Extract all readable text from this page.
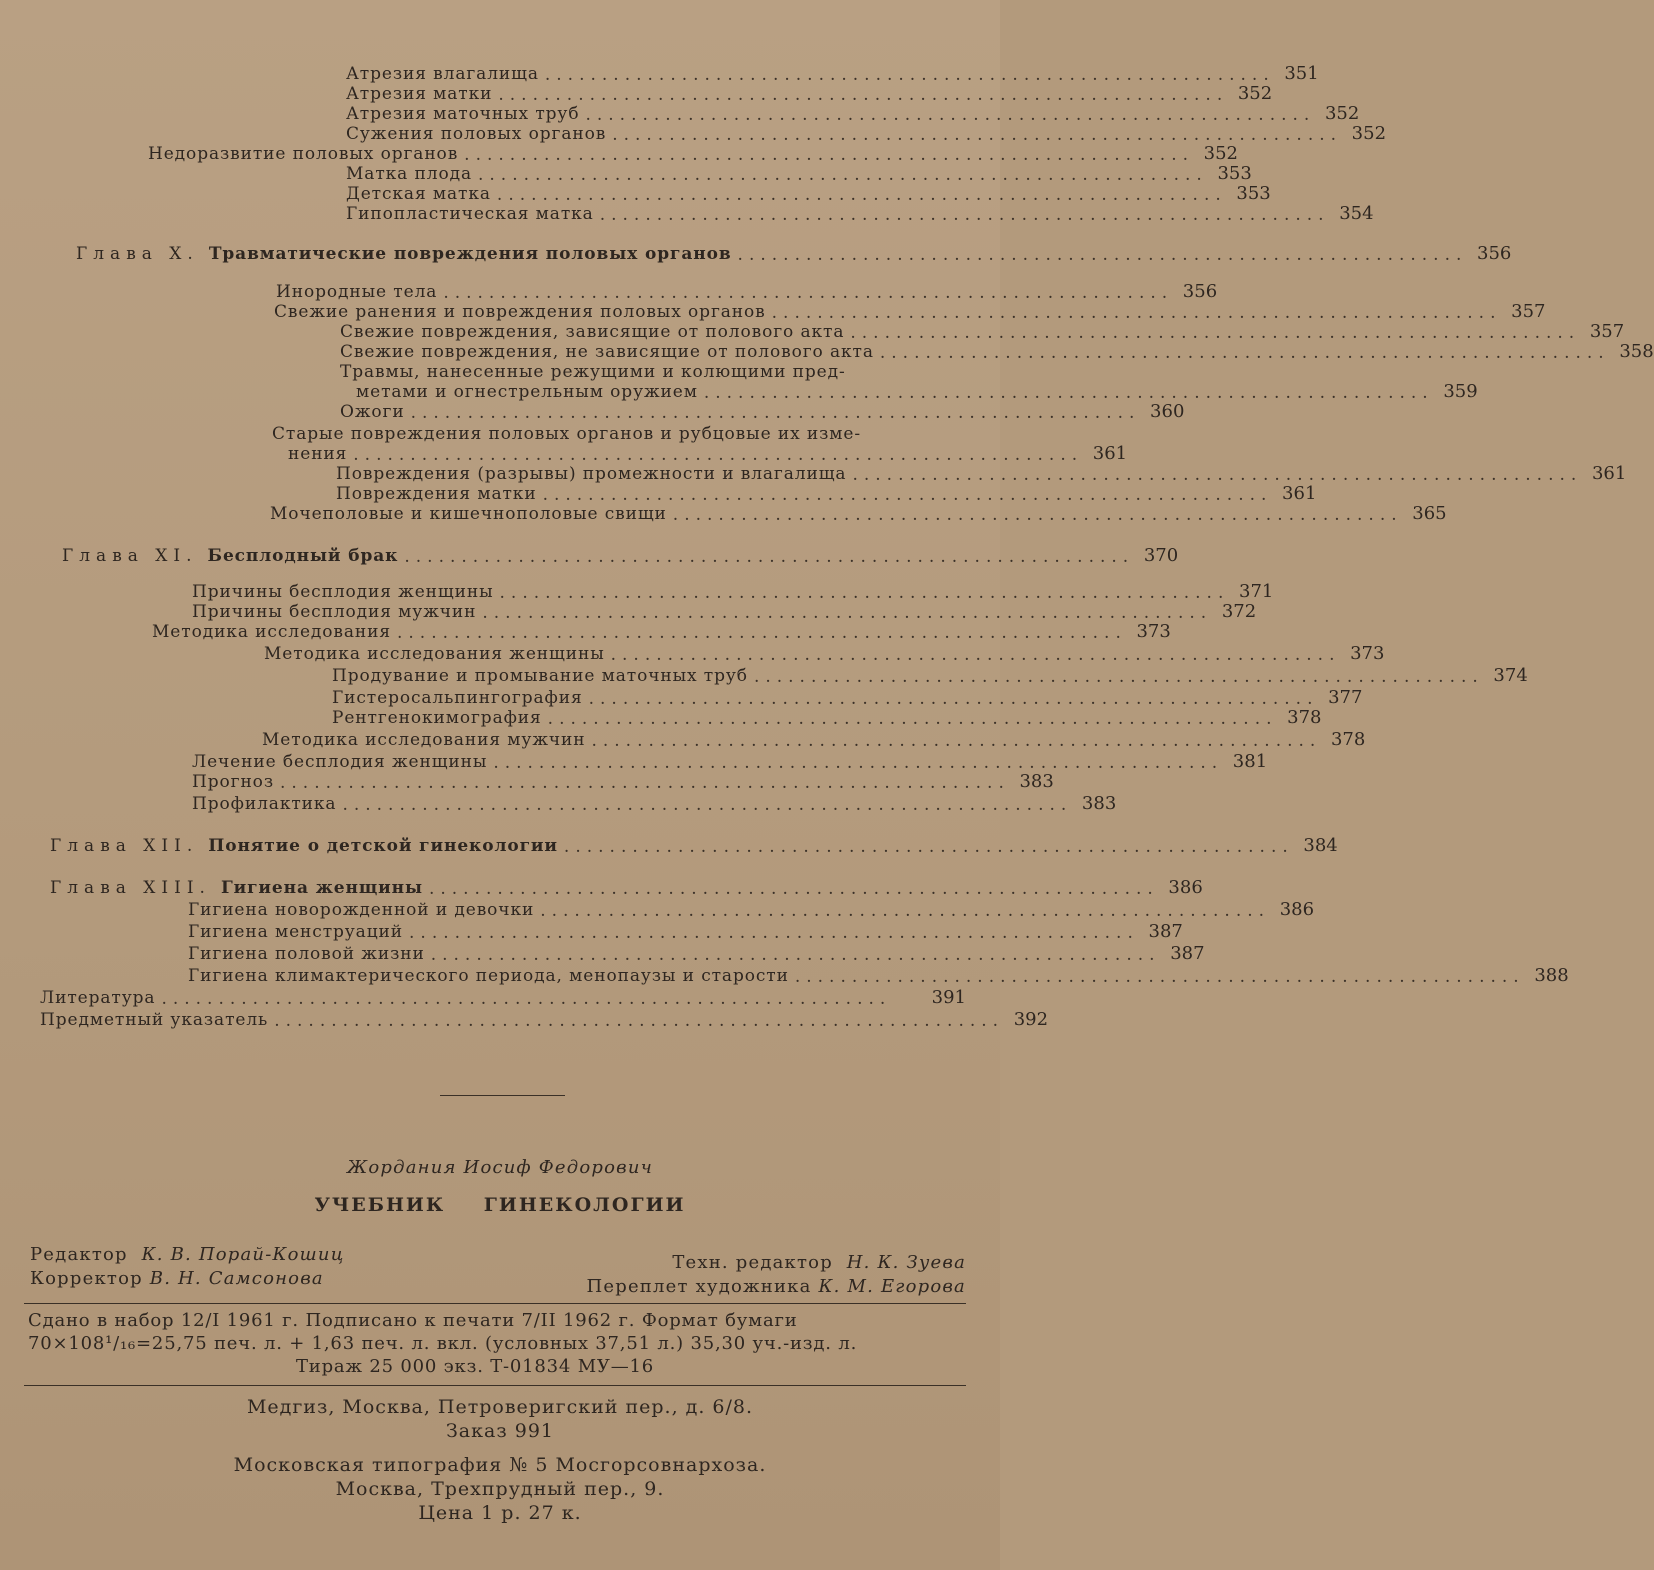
Атрезия влагалища ................................................................ 351
Атрезия матки ................................................................ 352
Атрезия маточных труб ................................................................ 352
Сужения половых органов ................................................................ 352
Недоразвитие половых органов ................................................................ 352
Матка плода ................................................................ 353
Детская матка ................................................................ 353
Гипопластическая матка ................................................................ 354
Глава X. Травматические повреждения половых органов ................................................................ 356
Инородные тела ................................................................ 356
Свежие ранения и повреждения половых органов ................................................................ 357
Свежие повреждения, зависящие от полового акта ................................................................ 357
Свежие повреждения, не зависящие от полового акта ................................................................ 358
Травмы, нанесенные режущими и колющими пред-
метами и огнестрельным оружием ................................................................ 359
Ожоги ................................................................ 360
Старые повреждения половых органов и рубцовые их изме-
нения ................................................................ 361
Повреждения (разрывы) промежности и влагалища ................................................................ 361
Повреждения матки ................................................................ 361
Мочеполовые и кишечнополовые свищи ................................................................ 365
Глава XI. Бесплодный брак ................................................................ 370
Причины бесплодия женщины ................................................................ 371
Причины бесплодия мужчин ................................................................ 372
Методика исследования ................................................................ 373
Методика исследования женщины ................................................................ 373
Продувание и промывание маточных труб ................................................................ 374
Гистеросальпингография ................................................................ 377
Рентгенокимография ................................................................ 378
Методика исследования мужчин ................................................................ 378
Лечение бесплодия женщины ................................................................ 381
Прогноз ................................................................ 383
Профилактика ................................................................ 383
Глава XII. Понятие о детской гинекологии ................................................................ 384
Глава XIII. Гигиена женщины ................................................................ 386
Гигиена новорожденной и девочки ................................................................ 386
Гигиена менструаций ................................................................ 387
Гигиена половой жизни ................................................................ 387
Гигиена климактерического периода, менопаузы и старости ................................................................ 388
Литература ................................................................	391
Предметный указатель ................................................................ 392
Жордания Иосиф Федорович
УЧЕБНИК ГИНЕКОЛОГИИ
Редактор К. В. Порай-Кошиц
Корректор В. Н. Самсонова
Техн. редактор Н. К. Зуева
Переплет художника К. М. Егорова
Сдано в набор 12/I 1961 г. Подписано к печати 7/II 1962 г. Формат бумаги
70×108¹/₁₆=25,75 печ. л. + 1,63 печ. л. вкл. (условных 37,51 л.) 35,30 уч.-изд. л.
Тираж 25 000 экз. Т-01834 МУ—16
Медгиз, Москва, Петроверигский пер., д. 6/8.
Заказ 991
Московская типография № 5 Мосгорсовнархоза.
Москва, Трехпрудный пер., 9.
Цена 1 р. 27 к.
